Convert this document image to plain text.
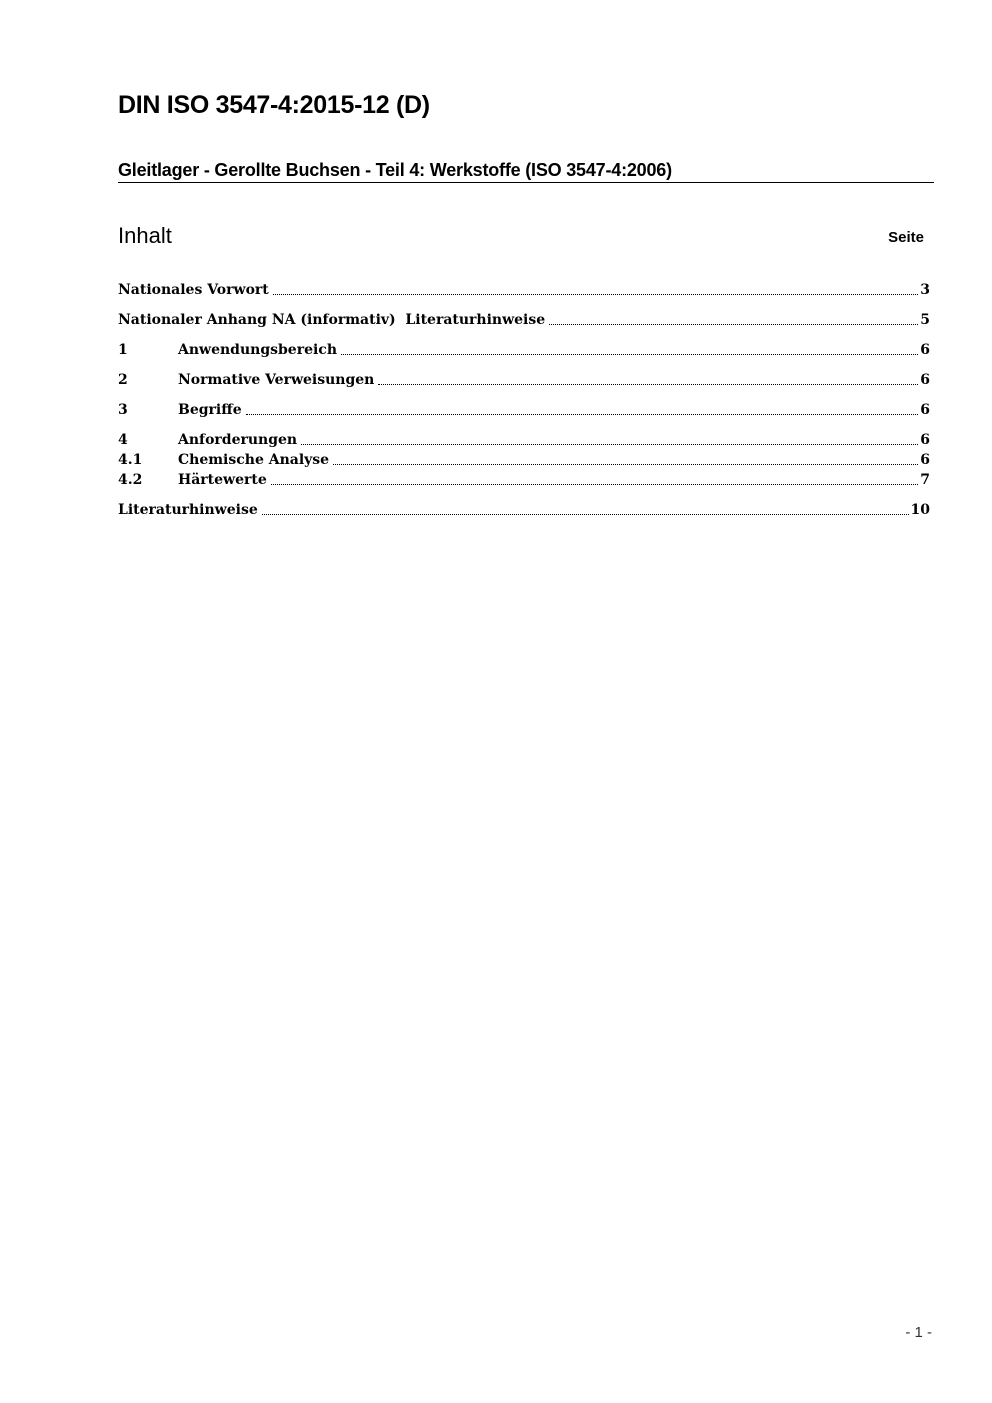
DIN ISO 3547-4:2015-12 (D)
Gleitlager - Gerollte Buchsen - Teil 4: Werkstoffe (ISO 3547-4:2006)
Inhalt	Seite
Nationales Vorwort	3
Nationaler Anhang NA (informativ)  Literaturhinweise	5
1	Anwendungsbereich	6
2	Normative Verweisungen	6
3	Begriffe	6
4	Anforderungen	6
4.1	Chemische Analyse	6
4.2	Härtewerte	7
Literaturhinweise	10
- 1 -
